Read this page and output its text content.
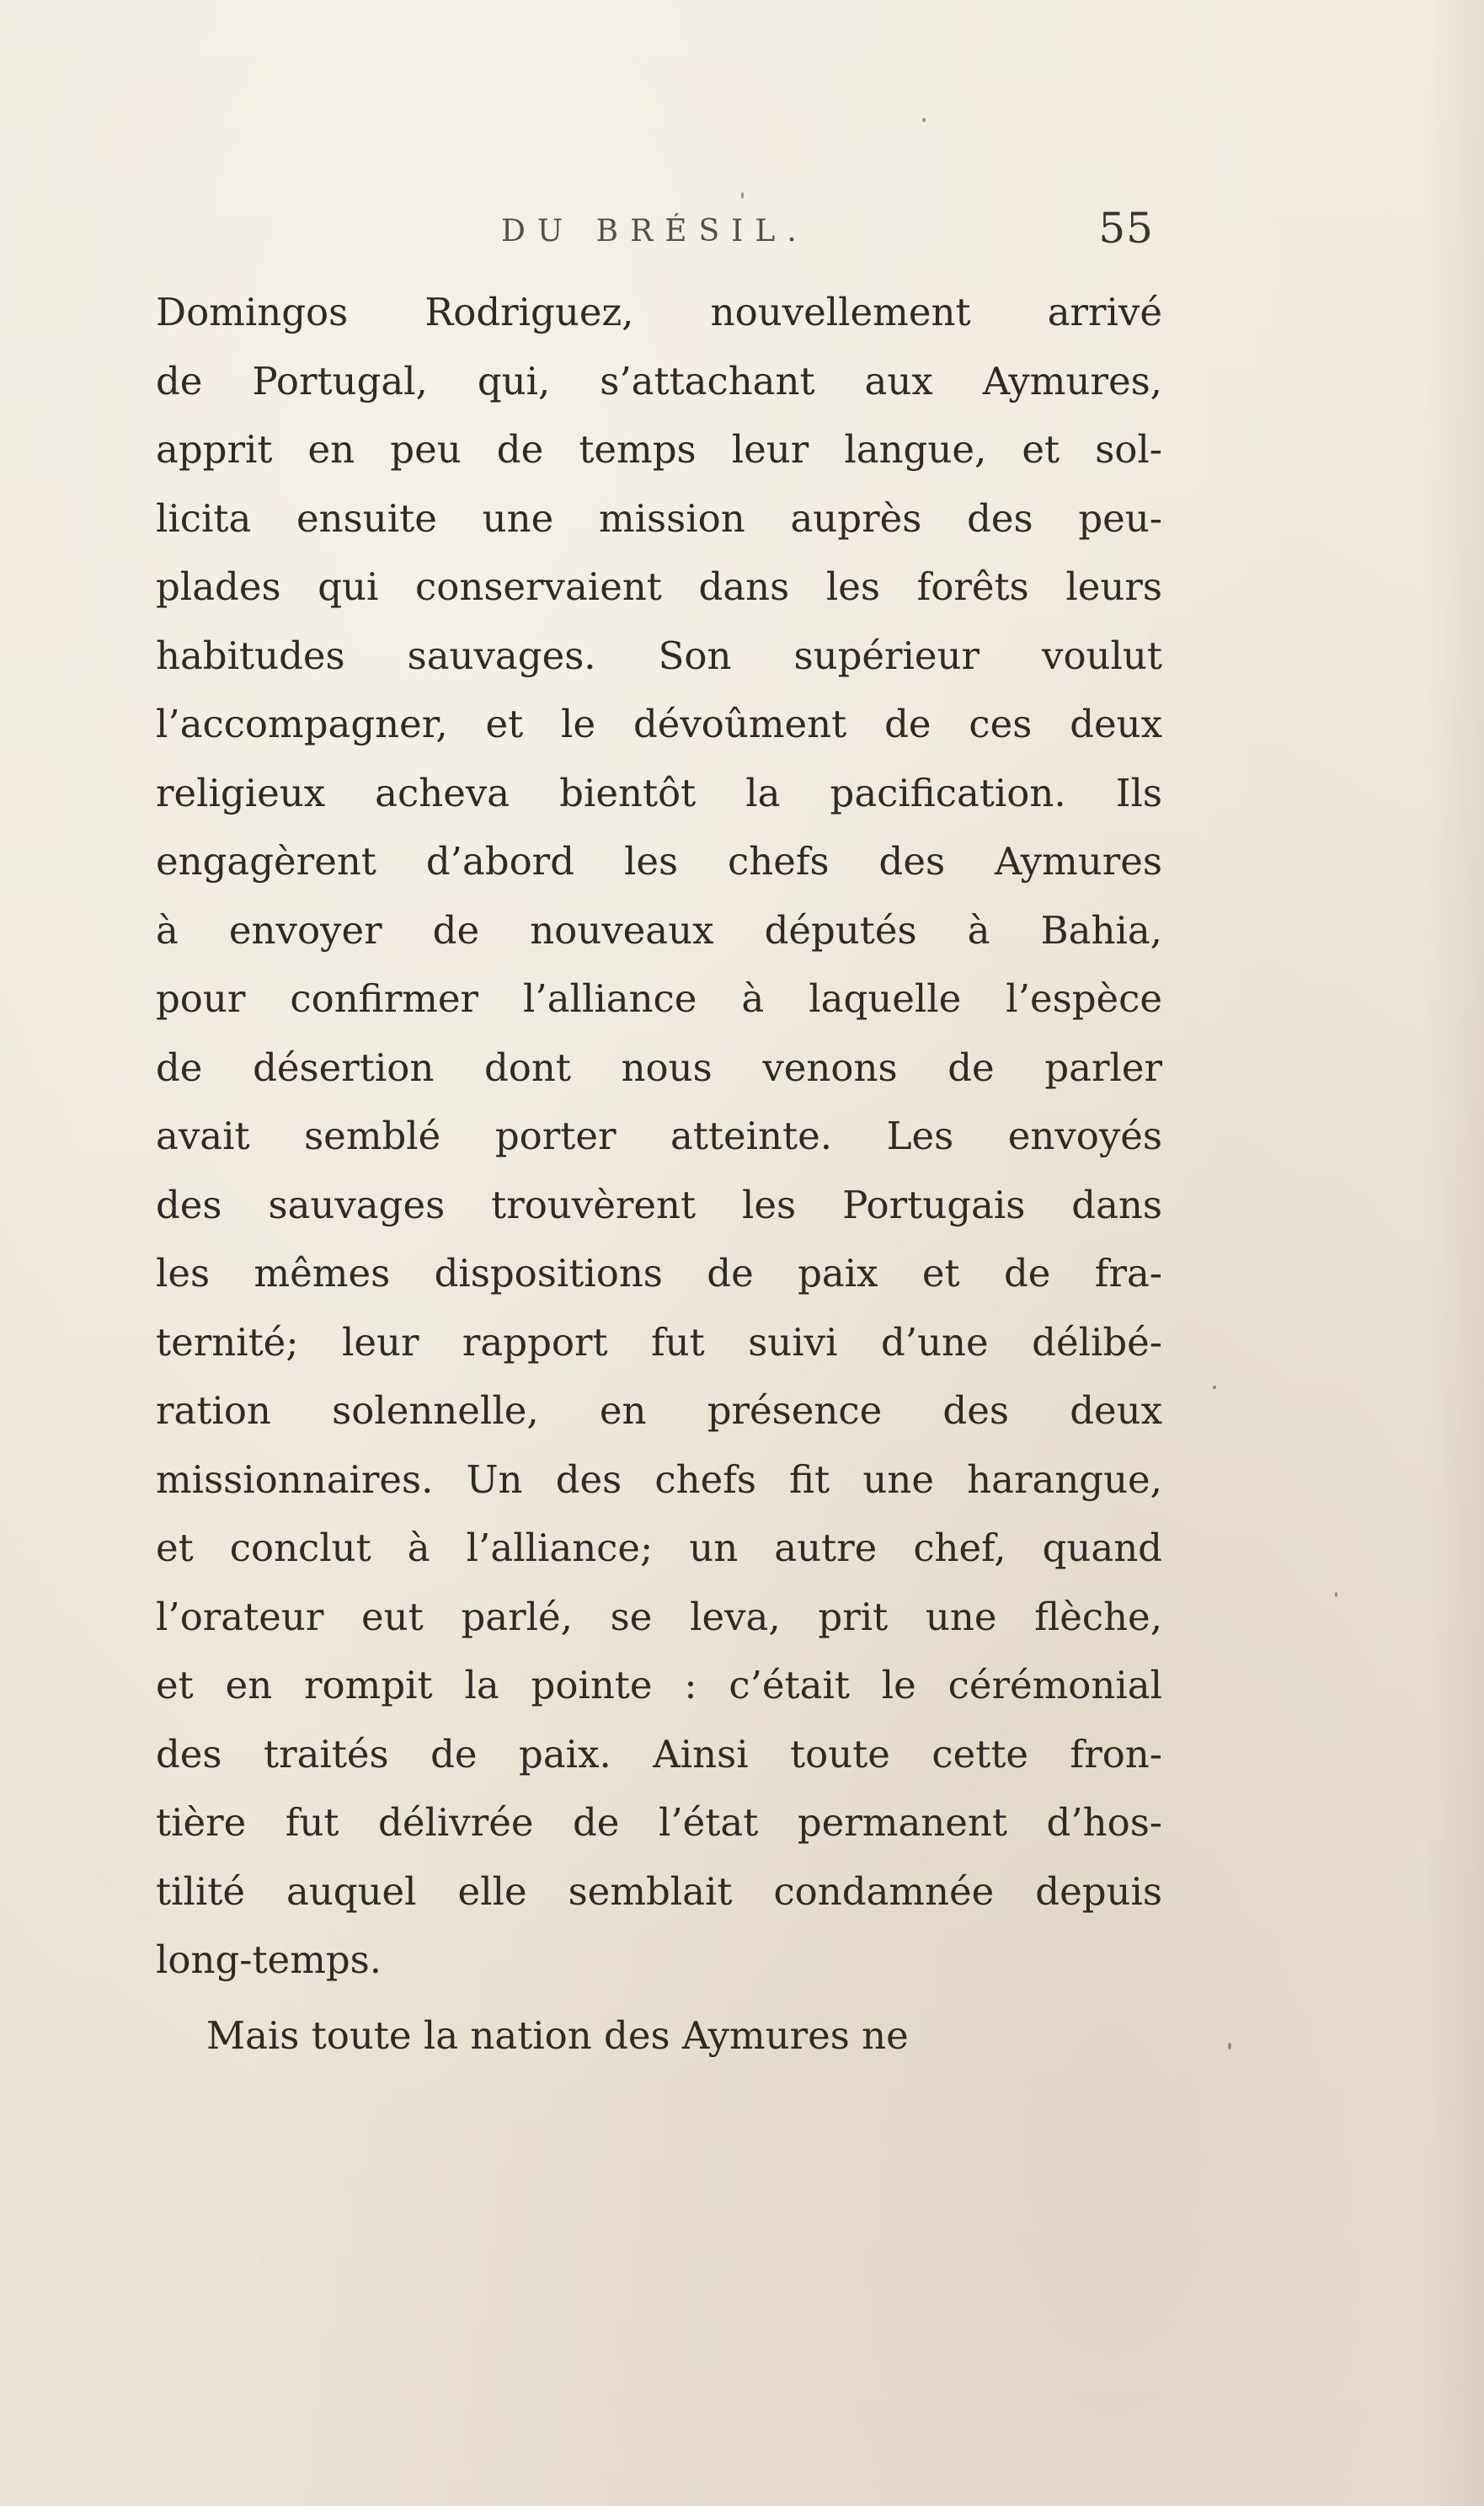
DU BRÉSIL.	55
Domingos Rodriguez, nouvellement arrivé
de Portugal, qui, s’attachant aux Aymures,
apprit en peu de temps leur langue, et sol-
licita ensuite une mission auprès des peu-
plades qui conservaient dans les forêts leurs
habitudes sauvages. Son supérieur voulut
l’accompagner, et le dévoûment de ces deux
religieux acheva bientôt la pacification. Ils
engagèrent d’abord les chefs des Aymures
à envoyer de nouveaux députés à Bahia,
pour confirmer l’alliance à laquelle l’espèce
de désertion dont nous venons de parler
avait semblé porter atteinte. Les envoyés
des sauvages trouvèrent les Portugais dans
les mêmes dispositions de paix et de fra-
ternité; leur rapport fut suivi d’une délibé-
ration solennelle, en présence des deux
missionnaires. Un des chefs fit une harangue,
et conclut à l’alliance; un autre chef, quand
l’orateur eut parlé, se leva, prit une flèche,
et en rompit la pointe : c’était le cérémonial
des traités de paix. Ainsi toute cette fron-
tière fut délivrée de l’état permanent d’hos-
tilité auquel elle semblait condamnée depuis
long-temps.
Mais toute la nation des Aymures ne
